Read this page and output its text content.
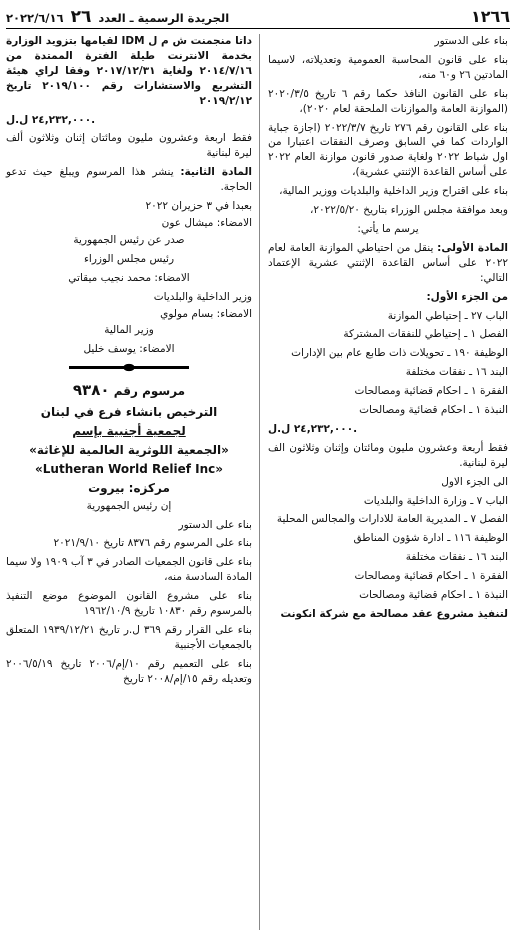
١٢٦٦
الجريدة الرسمية ـ العدد ٢٦ ٢٠٢٢/٦/١٦

بناء على الدستور

بناء على قانون المحاسبة العمومية وتعديلاته، لاسيما المادتين ٢٦ و٦٠ منه،

بناء على القانون النافذ حكما رقم ٦ تاريخ ٢٠٢٠/٣/٥ (الموازنة العامة والموازنات الملحقة لعام ٢٠٢٠)،

بناء على القانون رقم ٢٧٦ تاريخ ٢٠٢٢/٣/٧ (اجازة جباية الواردات كما في السابق وصرف النفقات اعتبارا من اول شباط ٢٠٢٢ ولغاية صدور قانون موازنة العام ٢٠٢٢ على أساس القاعدة الإثنتي عشرية)،

بناء على اقتراح وزير الداخلية والبلديات ووزير المالية،

وبعد موافقة مجلس الوزراء بتاريخ ٢٠٢٢/٥/٢٠،

يرسم ما يأتي:

المادة الأولى: ينقل من احتياطي الموازنة العامة لعام ٢٠٢٢ على أساس القاعدة الإثنتي عشرية الإعتماد التالي:

من الجزء الأول:

الباب ٢٧ ـ إحتياطي الموازنة

الفصل ١ ـ إحتياطي للنفقات المشتركة

الوظيفة ١٩٠ ـ تحويلات ذات طابع عام بين الإدارات

البند ١٦ ـ نفقات مختلفة

الفقرة ١ ـ احكام قضائية ومصالحات

النبذة ١ ـ احكام قضائية ومصالحات

٢٤,٢٣٢,٠٠٠ ل.ل.

فقط أربعة وعشرون مليون ومائتان وإثنان وثلاثون الف ليرة لبنانية.

الى الجزء الاول

الباب ٧ ـ وزارة الداخلية والبلديات

الفصل ٧ ـ المديرية العامة للادارات والمجالس المحلية

الوظيفة ١١٦ ـ ادارة شؤون المناطق

البند ١٦ ـ نفقات مختلفة

الفقرة ١ ـ احكام قضائية ومصالحات

النبذة ١ ـ احكام قضائية ومصالحات

لتنفيذ مشروع عقد مصالحة مع شركة انكونت

داتا منجمنت ش م ل IDM لقيامها بتزويد الوزارة بخدمة الانترنت طيلة الفترة الممتدة من ٢٠١٤/٧/١٦ ولغاية ٢٠١٧/١٢/٣١ وفقا لراي هيئة التشريع والاستشارات رقم ٢٠١٩/١٠٠ تاريخ ٢٠١٩/٢/١٢

٢٤,٢٣٢,٠٠٠ ل.ل.

فقط اربعة وعشرون مليون ومائتان إثنان وثلاثون ألف ليرة لبنانية

المادة الثانية: ينشر هذا المرسوم ويبلغ حيث تدعو الحاجة.

بعبدا في ٣ حزيران ٢٠٢٢

الامضاء: ميشال عون

صدر عن رئيس الجمهورية

رئيس مجلس الوزراء

الامضاء: محمد نجيب ميقاتي

وزير الداخلية والبلديات

الامضاء: بسام مولوي

وزير المالية

الامضاء: يوسف خليل

مرسوم رقم ٩٣٨٠
الترخيص بانشاء فرع في لبنان
لجمعية أجنبية بإسم
«الجمعية اللوثرية العالمية للإغاثة»
«Lutheran World Relief Inc»
مركزه: بيروت

إن رئيس الجمهورية

بناء على الدستور

بناء على المرسوم رقم ٨٣٧٦ تاريخ ٢٠٢١/٩/١٠

بناء على قانون الجمعيات الصادر في ٣ آب ١٩٠٩ ولا سيما المادة السادسة منه،

بناء على مشروع القانون الموضوع موضع التنفيذ بالمرسوم رقم ١٠٨٣٠ تاريخ ١٩٦٢/١٠/٩

بناء على القرار رقم ٣٦٩ ل.ر تاريخ ١٩٣٩/١٢/٢١ المتعلق بالجمعيات الأجنبية

بناء على التعميم رقم ١٠/إم/٢٠٠٦ تاريخ ٢٠٠٦/٥/١٩ وتعديله رقم ١٥/إم/٢٠٠٨ تاريخ
